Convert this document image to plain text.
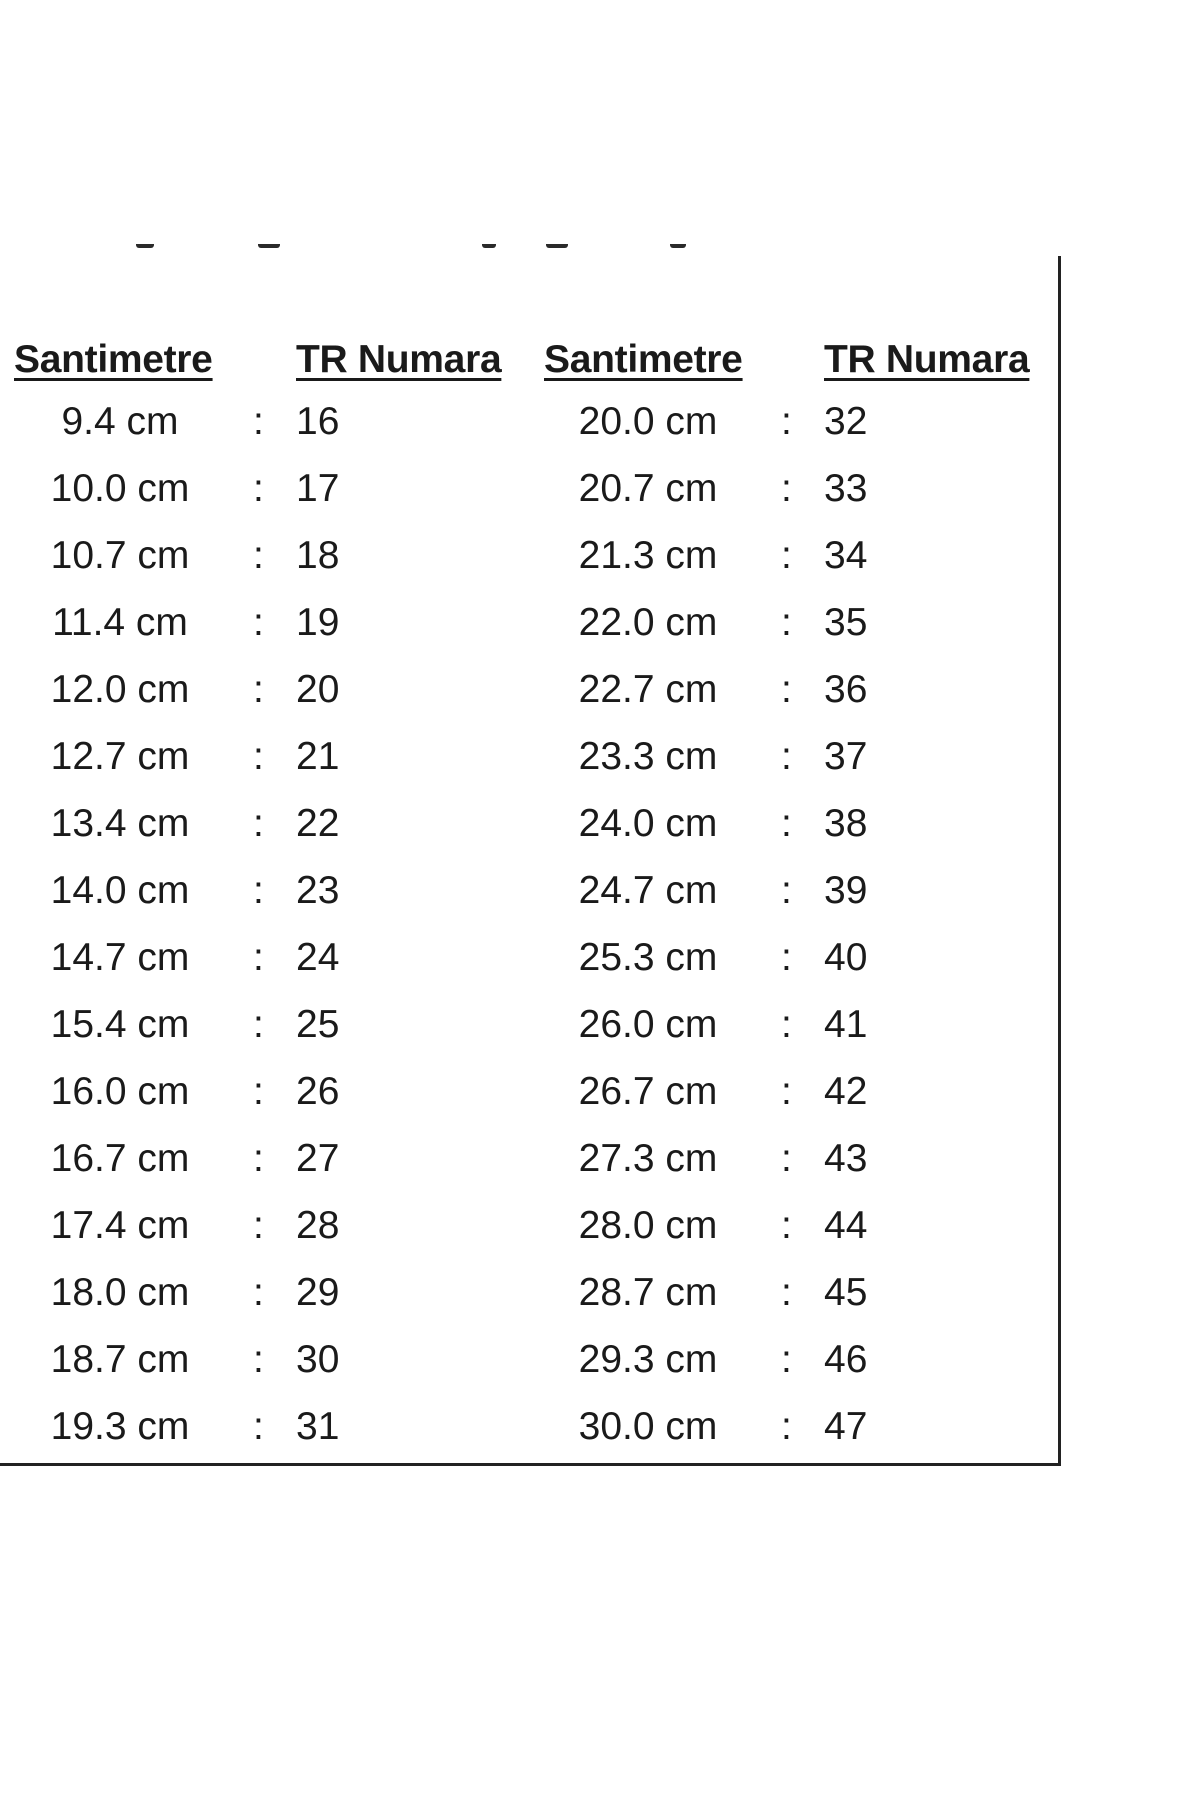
Santimetre TR Numara Santimetre TR Numara
9.4 cm	: 16	20.0 cm	: 32
10.0 cm	: 17	20.7 cm	: 33
10.7 cm	: 18	21.3 cm	: 34
11.4 cm	: 19	22.0 cm	: 35
12.0 cm	: 20	22.7 cm	: 36
12.7 cm	: 21	23.3 cm	: 37
13.4 cm	: 22	24.0 cm	: 38
14.0 cm	: 23	24.7 cm	: 39
14.7 cm	: 24	25.3 cm	: 40
15.4 cm	: 25	26.0 cm	: 41
16.0 cm	: 26	26.7 cm	: 42
16.7 cm	: 27	27.3 cm	: 43
17.4 cm	: 28	28.0 cm	: 44
18.0 cm	: 29	28.7 cm	: 45
18.7 cm	: 30	29.3 cm	: 46
19.3 cm	: 31	30.0 cm	: 47
